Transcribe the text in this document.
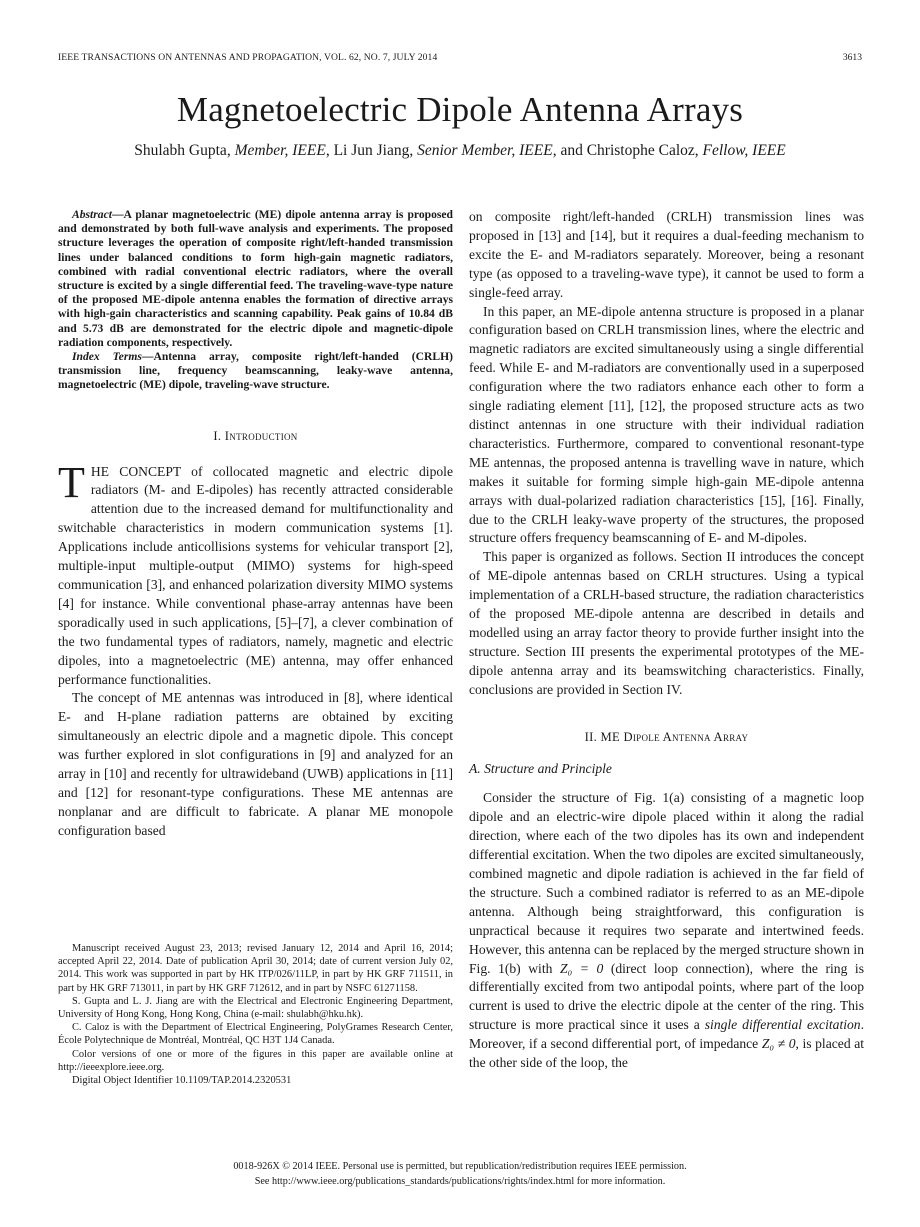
IEEE TRANSACTIONS ON ANTENNAS AND PROPAGATION, VOL. 62, NO. 7, JULY 2014	3613
Magnetoelectric Dipole Antenna Arrays
Shulabh Gupta, Member, IEEE, Li Jun Jiang, Senior Member, IEEE, and Christophe Caloz, Fellow, IEEE

Abstract—A planar magnetoelectric (ME) dipole antenna array is proposed and demonstrated by both full-wave analysis and experiments. The proposed structure leverages the operation of composite right/left-handed transmission lines under balanced conditions to form high-gain magnetic radiators, combined with radial conventional electric radiators, where the overall structure is excited by a single differential feed. The traveling-wave-type nature of the proposed ME-dipole antenna enables the formation of directive arrays with high-gain characteristics and scanning capability. Peak gains of 10.84 dB and 5.73 dB are demonstrated for the electric dipole and magnetic-dipole radiation components, respectively.

Index Terms—Antenna array, composite right/left-handed (CRLH) transmission line, frequency beamscanning, leaky-wave antenna, magnetoelectric (ME) dipole, traveling-wave structure.

I. Introduction

THE CONCEPT of collocated magnetic and electric dipole radiators (M- and E-dipoles) has recently attracted considerable attention due to the increased demand for multifunctionality and switchable characteristics in modern communication systems [1]. Applications include anticollisions systems for vehicular transport [2], multiple-input multiple-output (MIMO) systems for high-speed communication [3], and enhanced polarization diversity MIMO systems [4] for instance. While conventional phase-array antennas have been sporadically used in such applications, [5]–[7], a clever combination of the two fundamental types of radiators, namely, magnetic and electric dipoles, into a magnetoelectric (ME) antenna, may offer enhanced performance functionalities.

The concept of ME antennas was introduced in [8], where identical E- and H-plane radiation patterns are obtained by exciting simultaneously an electric dipole and a magnetic dipole. This concept was further explored in slot configurations in [9] and analyzed for an array in [10] and recently for ultrawideband (UWB) applications in [11] and [12] for resonant-type configurations. These ME antennas are nonplanar and are difficult to fabricate. A planar ME monopole configuration based

Manuscript received August 23, 2013; revised January 12, 2014 and April 16, 2014; accepted April 22, 2014. Date of publication April 30, 2014; date of current version July 02, 2014. This work was supported in part by HK ITP/026/11LP, in part by HK GRF 711511, in part by HK GRF 713011, in part by HK GRF 712612, and in part by NSFC 61271158.

S. Gupta and L. J. Jiang are with the Electrical and Electronic Engineering Department, University of Hong Kong, Hong Kong, China (e-mail: shulabh@hku.hk).

C. Caloz is with the Department of Electrical Engineering, PolyGrames Research Center, École Polytechnique de Montréal, Montréal, QC H3T 1J4 Canada.

Color versions of one or more of the figures in this paper are available online at http://ieeexplore.ieee.org.

Digital Object Identifier 10.1109/TAP.2014.2320531

on composite right/left-handed (CRLH) transmission lines was proposed in [13] and [14], but it requires a dual-feeding mechanism to excite the E- and M-radiators separately. Moreover, being a resonant type (as opposed to a traveling-wave type), it cannot be used to form a single-feed array.

In this paper, an ME-dipole antenna structure is proposed in a planar configuration based on CRLH transmission lines, where the electric and magnetic radiators are excited simultaneously using a single differential feed. While E- and M-radiators are conventionally used in a superposed configuration where the two radiators enhance each other to form a single radiating element [11], [12], the proposed structure acts as two distinct antennas in one structure with their individual radiation characteristics. Furthermore, compared to conventional resonant-type ME antennas, the proposed antenna is travelling wave in nature, which makes it suitable for forming simple high-gain ME-dipole antenna arrays with dual-polarized radiation characteristics [15], [16]. Finally, due to the CRLH leaky-wave property of the structures, the proposed structure offers frequency beamscanning of E- and M-dipoles.

This paper is organized as follows. Section II introduces the concept of ME-dipole antennas based on CRLH structures. Using a typical implementation of a CRLH-based structure, the radiation characteristics of the proposed ME-dipole antenna are described in details and modelled using an array factor theory to provide further insight into the structure. Section III presents the experimental prototypes of the ME-dipole antenna array and its beamswitching characteristics. Finally, conclusions are provided in Section IV.

II. ME Dipole Antenna Array

A. Structure and Principle

Consider the structure of Fig. 1(a) consisting of a magnetic loop dipole and an electric-wire dipole placed within it along the radial direction, where each of the two dipoles has its own and independent differential excitation. When the two dipoles are excited simultaneously, combined magnetic and dipole radiation is achieved in the far field of the structure. Such a combined radiator is referred to as an ME-dipole antenna. Although being straightforward, this configuration is unpractical because it requires two separate and intertwined feeds. However, this antenna can be replaced by the merged structure shown in Fig. 1(b) with Z₀ = 0 (direct loop connection), where the ring is differentially excited from two antipodal points, where part of the loop current is used to drive the electric dipole at the center of the ring. This structure is more practical since it uses a single differential excitation. Moreover, if a second differential port, of impedance Z₀ ≠ 0, is placed at the other side of the loop, the

0018-926X © 2014 IEEE. Personal use is permitted, but republication/redistribution requires IEEE permission.
See http://www.ieee.org/publications_standards/publications/rights/index.html for more information.
